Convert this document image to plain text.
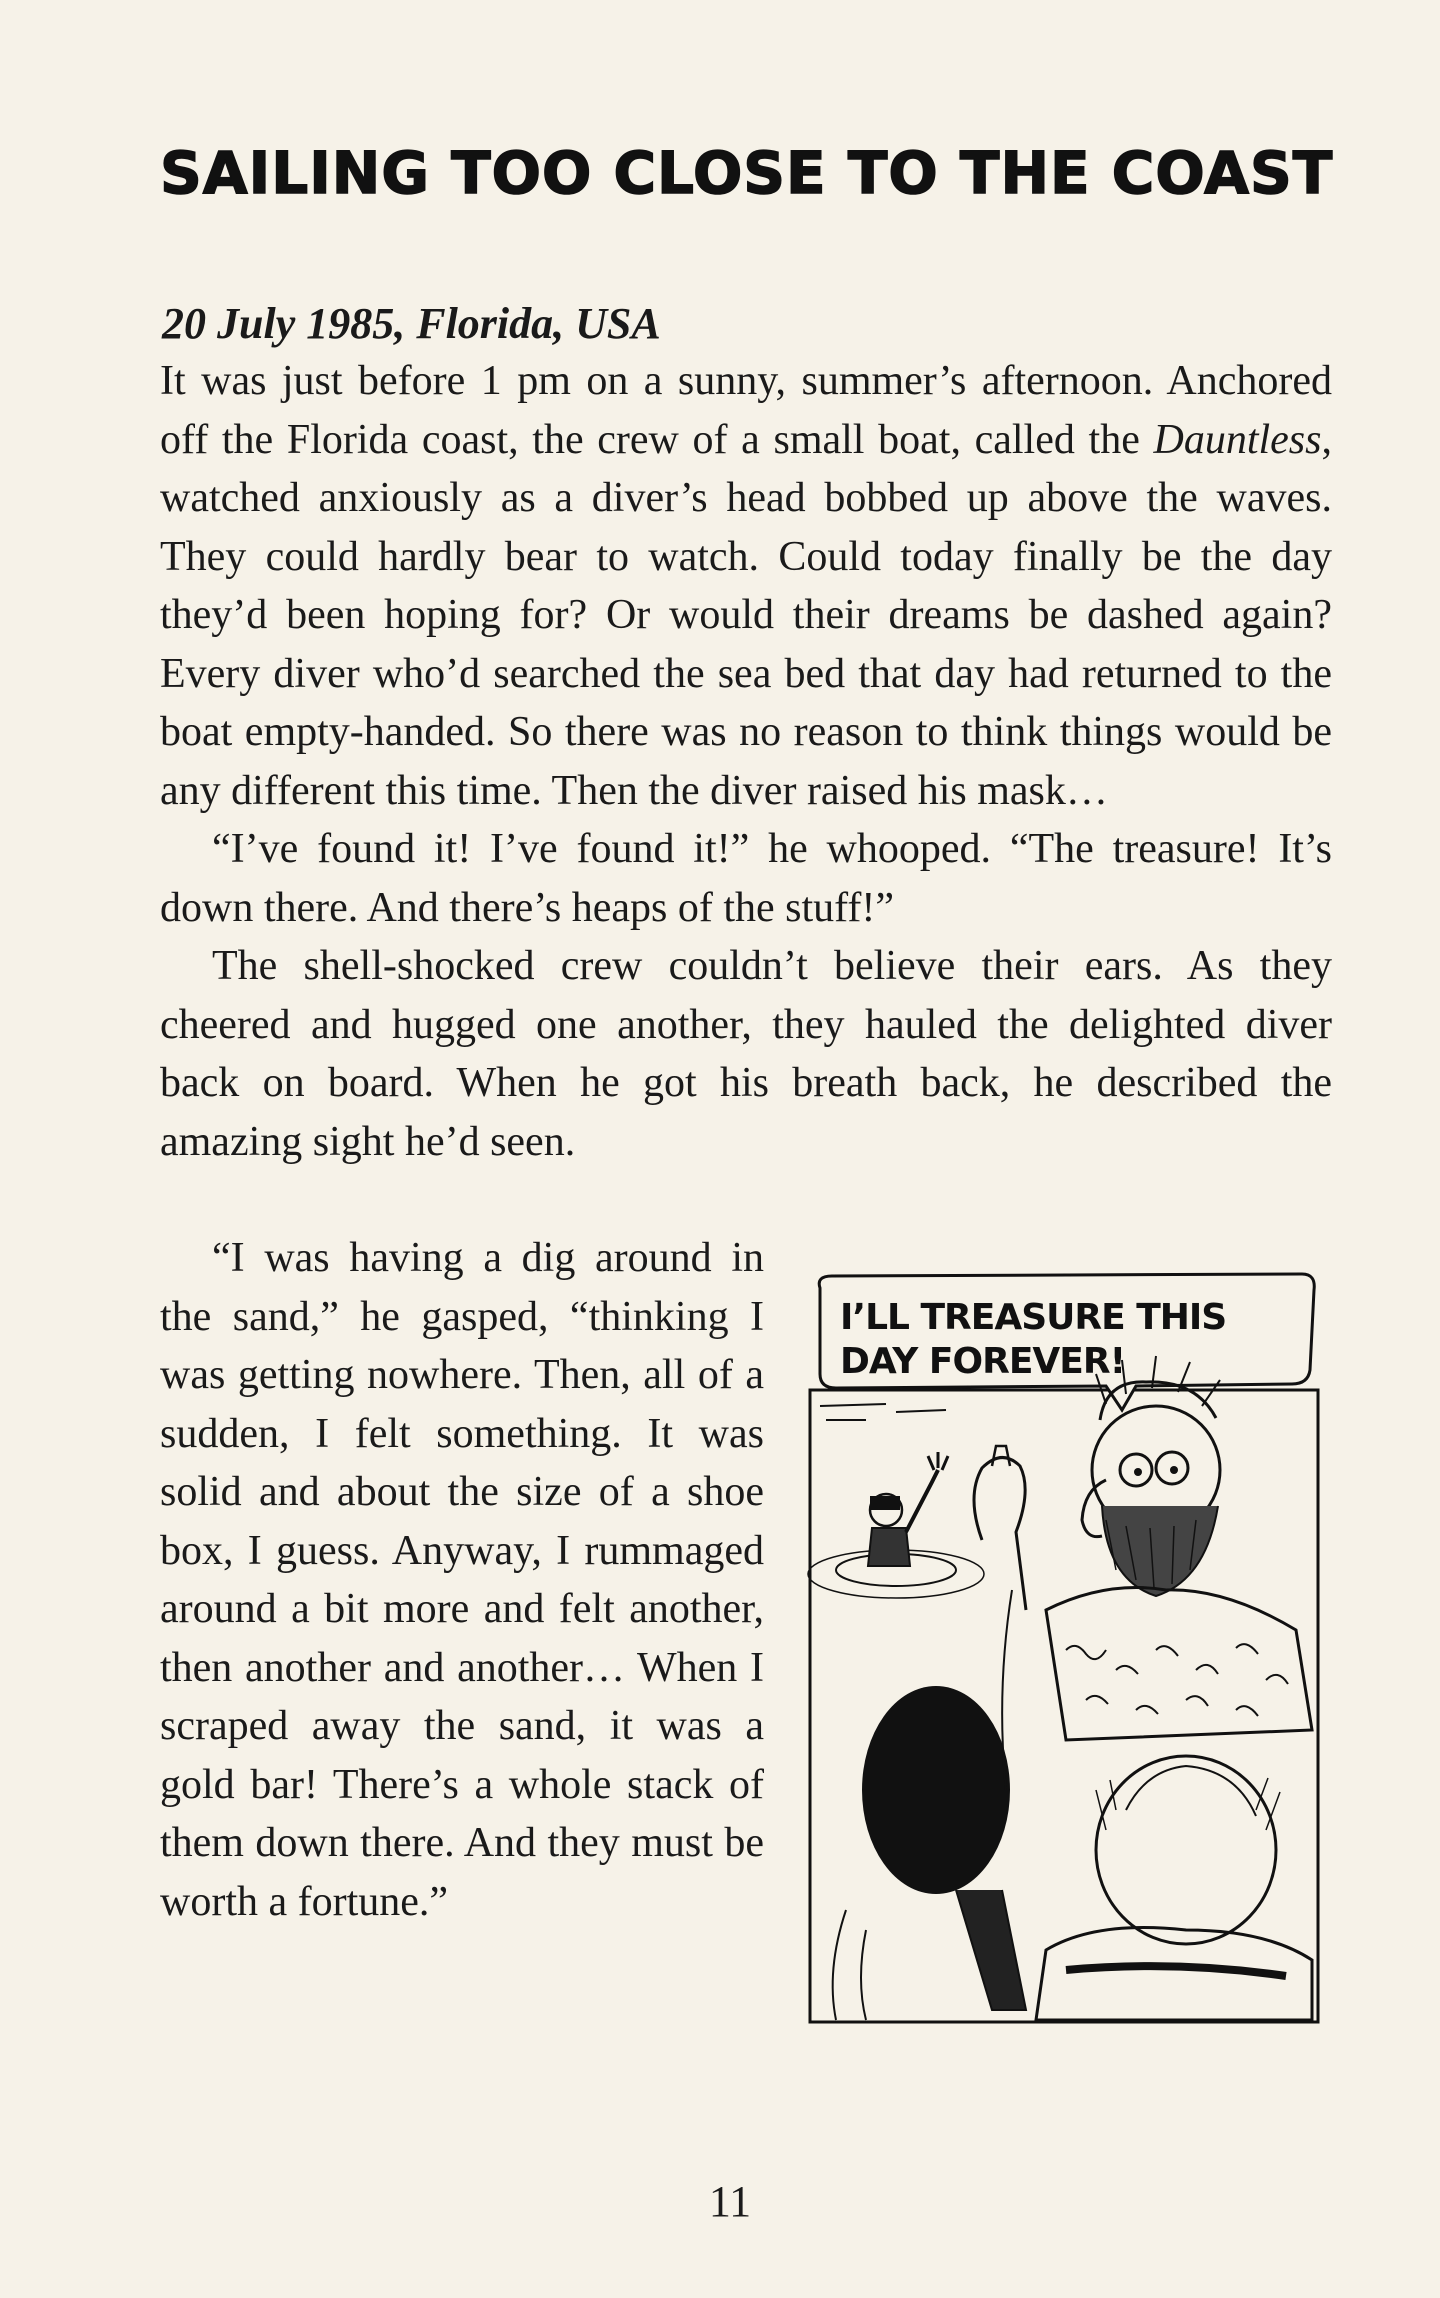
SAILING TOO CLOSE TO THE COAST
20 July 1985, Florida, USA

It was just before 1 pm on a sunny, summer’s afternoon. Anchored off the Florida coast, the crew of a small boat, called the Dauntless, watched anxiously as a diver’s head bobbed up above the waves. They could hardly bear to watch. Could today finally be the day they’d been hoping for? Or would their dreams be dashed again? Every diver who’d searched the sea bed that day had returned to the boat empty-handed. So there was no reason to think things would be any different this time. Then the diver raised his mask…

“I’ve found it! I’ve found it!” he whooped. “The treasure! It’s down there. And there’s heaps of the stuff!”

The shell-shocked crew couldn’t believe their ears. As they cheered and hugged one another, they hauled the delighted diver back on board. When he got his breath back, he described the amazing sight he’d seen.

“I was having a dig around in the sand,” he gasped, “thinking I was getting nowhere. Then, all of a sudden, I felt something. It was solid and about the size of a shoe box, I guess. Anyway, I rummaged around a bit more and felt another, then another and another… When I scraped away the sand, it was a gold bar! There’s a whole stack of them down there. And they must be worth a fortune.”

I’LL TREASURE THIS DAY FOREVER!
11
